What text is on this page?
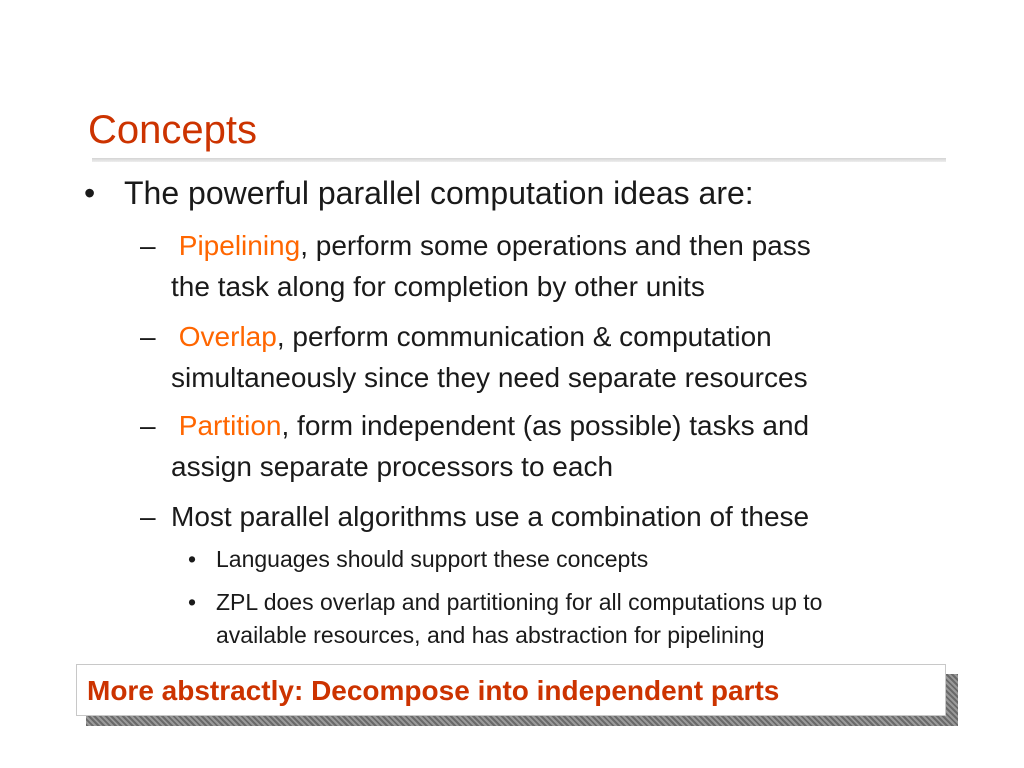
Concepts
• The powerful parallel computation ideas are:
– Pipelining, perform some operations and then pass
the task along for completion by other units
– Overlap, perform communication & computation
simultaneously since they need separate resources
– Partition, form independent (as possible) tasks and
assign separate processors to each
– Most parallel algorithms use a combination of these
• Languages should support these concepts
• ZPL does overlap and partitioning for all computations up to
available resources, and has abstraction for pipelining
More abstractly: Decompose into independent parts
